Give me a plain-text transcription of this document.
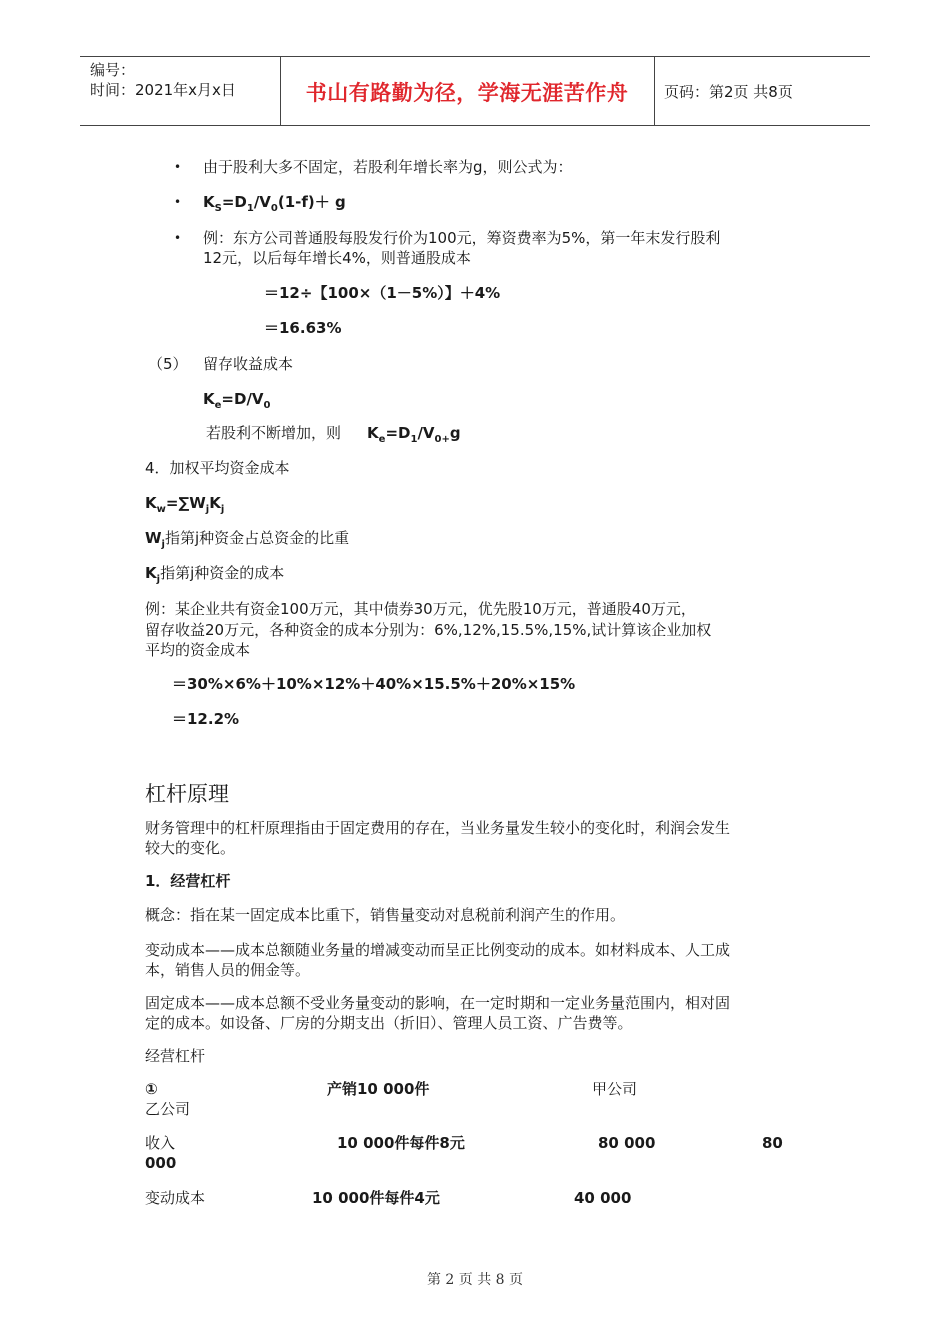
编号：
时间：2021年x月x日	书山有路勤为径，学海无涯苦作舟	页码：第2页 共8页
• 由于股利大多不固定，若股利年增长率为g，则公式为：
• $K_S=D_1/V_0(1-f)+ g$
• 例：东方公司普通股每股发行价为100元，筹资费率为5%，第一年末发行股利
12元，以后每年增长4%，则普通股成本
＝12÷【100×（1－5%）】＋4%
＝16.63%
（5） 留存收益成本
$K_e=D/V_0$
若股利不断增加，则 $K_e=D_1/V_{0+}g$
4．加权平均资金成本
$K_w=\sum W_jK_j$
$W_j$指第j种资金占总资金的比重
$K_j$指第j种资金的成本
例：某企业共有资金100万元，其中债券30万元，优先股10万元，普通股40万元，
留存收益20万元，各种资金的成本分别为：6%,12%,15.5%,15%,试计算该企业加权
平均的资金成本
＝30%×6%＋10%×12%＋40%×15.5%＋20%×15%
＝12.2%
杠杆原理
财务管理中的杠杆原理指由于固定费用的存在，当业务量发生较小的变化时，利润会发生
较大的变化。
1．经营杠杆
概念：指在某一固定成本比重下，销售量变动对息税前利润产生的作用。
变动成本——成本总额随业务量的增减变动而呈正比例变动的成本。如材料成本、人工成
本，销售人员的佣金等。
固定成本——成本总额不受业务量变动的影响，在一定时期和一定业务量范围内，相对固
定的成本。如设备、厂房的分期支出（折旧）、管理人员工资、广告费等。
经营杠杆
①	产销10 000件	甲公司
乙公司
收入	10 000件每件8元	80 000	80
000
变动成本	10 000件每件4元	40 000
第 2 页 共 8 页
